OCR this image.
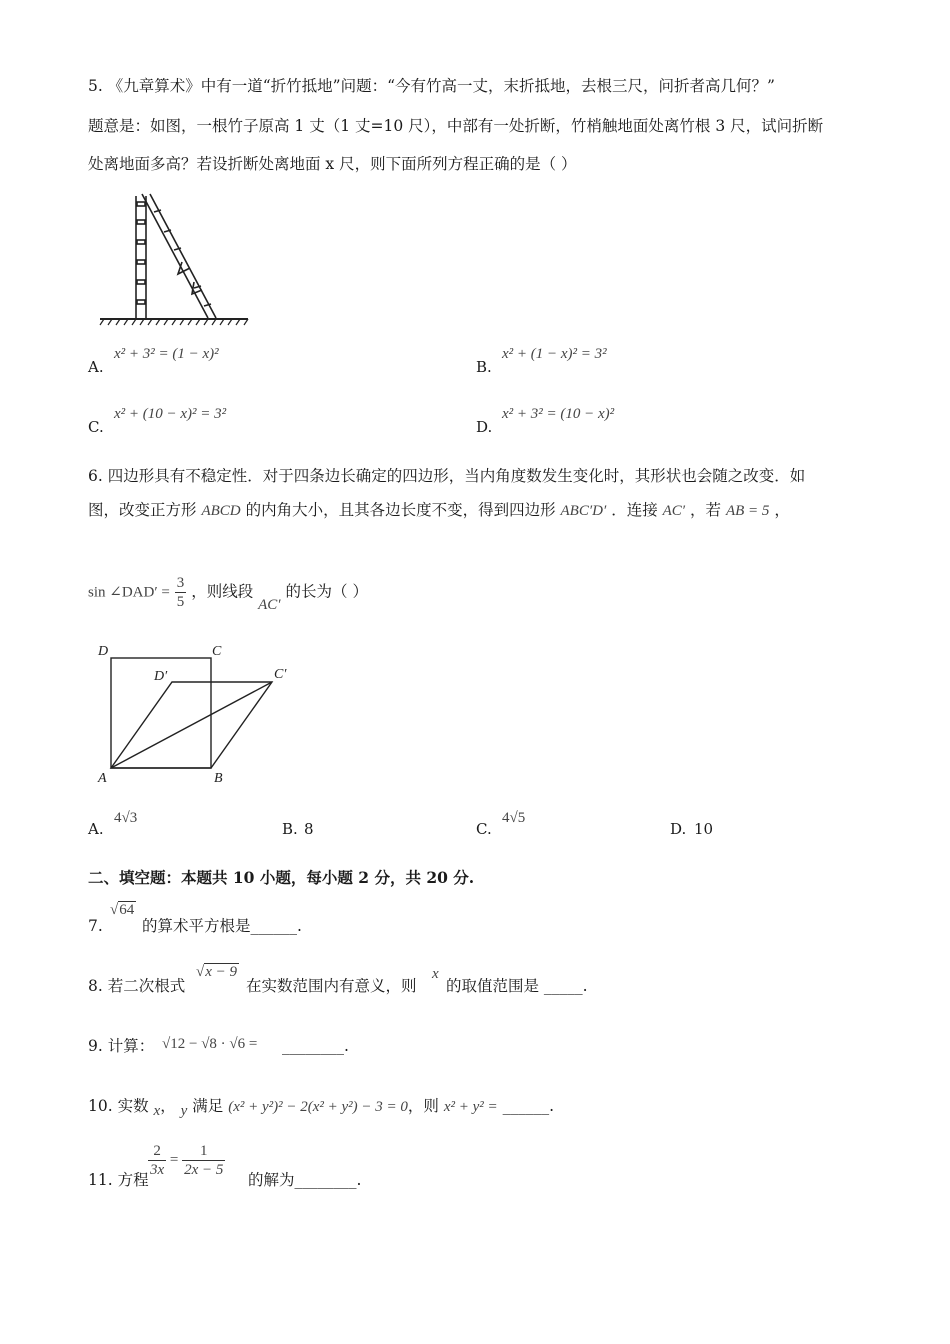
5. 《九章算术》中有一道“折竹抵地”问题：“今有竹高一丈，末折抵地，去根三尺，问折者高几何？”
题意是：如图，一根竹子原高 1 丈（1 丈=10 尺），中部有一处折断，竹梢触地面处离竹根 3 尺，试问折断
处离地面多高？若设折断处离地面 x 尺，则下面所列方程正确的是（ ）
A.
x² + 3² = (1 − x)²
B.
x² + (1 − x)² = 3²
C.
x² + (10 − x)² = 3²
D.
x² + 3² = (10 − x)²
6. 四边形具有不稳定性．对于四条边长确定的四边形，当内角度数发生变化时，其形状也会随之改变．如
图，改变正方形 ABCD 的内角大小，且其各边长度不变，得到四边形 ABC′D′ ．连接 AC′ ，若 AB = 5 ，
sin ∠DAD′ = $\frac{3}{5}$ ，则线段 AC′ 的长为（ ）
D	C
D′	C′
A	B
A.
4√3
B. 8	C.
4√5
D. 10
二、填空题：本题共 10 小题，每小题 2 分，共 20 分.
7.
√64
的算术平方根是______.
8. 若二次根式
√x − 9
在实数范围内有意义，则
x
的取值范围是 _____.
9. 计算： √12 − √8 · √6 = ________.
10. 实数 x， y 满足 (x² + y²)² − 2(x² + y²) − 3 = 0，则 x² + y² = ______.
11. 方程
$\frac{2}{3x} = \frac{1}{2x - 5}$
的解为________.
